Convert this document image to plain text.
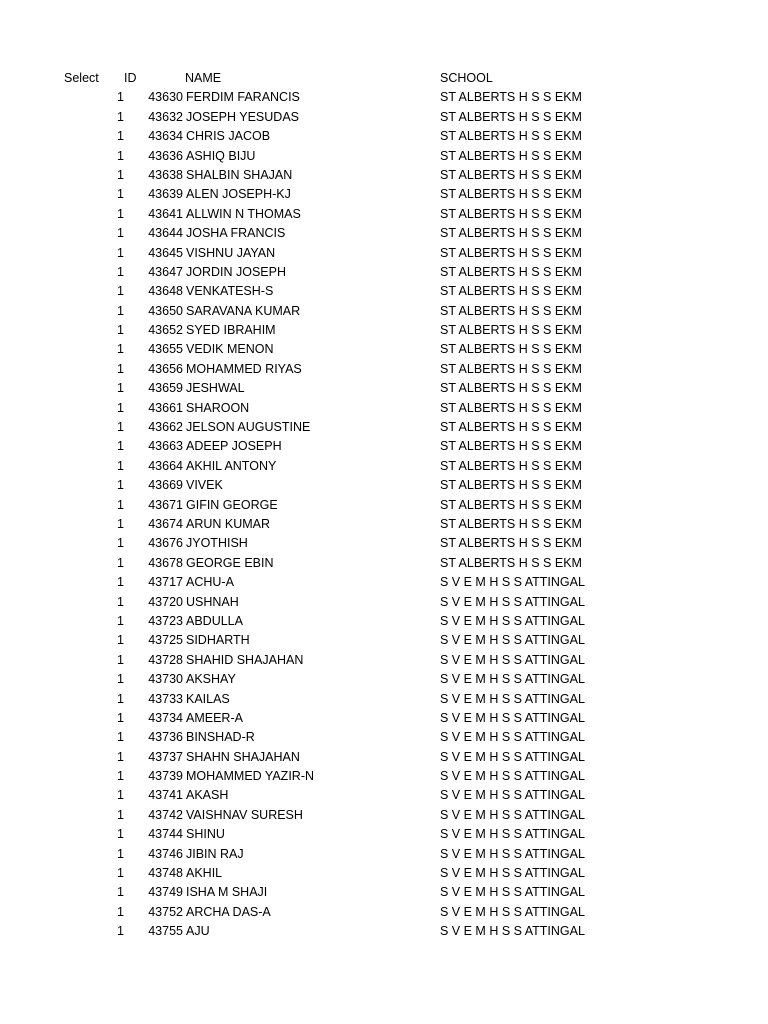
Select ID	NAME	SCHOOL
1	43630 FERDIM FARANCIS	ST ALBERTS H S S EKM
1	43632 JOSEPH YESUDAS	ST ALBERTS H S S EKM
1	43634 CHRIS JACOB	ST ALBERTS H S S EKM
1	43636 ASHIQ BIJU	ST ALBERTS H S S EKM
1	43638 SHALBIN SHAJAN	ST ALBERTS H S S EKM
1	43639 ALEN JOSEPH-KJ	ST ALBERTS H S S EKM
1	43641 ALLWIN N THOMAS	ST ALBERTS H S S EKM
1	43644 JOSHA FRANCIS	ST ALBERTS H S S EKM
1	43645 VISHNU JAYAN	ST ALBERTS H S S EKM
1	43647 JORDIN JOSEPH	ST ALBERTS H S S EKM
1	43648 VENKATESH-S	ST ALBERTS H S S EKM
1	43650 SARAVANA KUMAR	ST ALBERTS H S S EKM
1	43652 SYED IBRAHIM	ST ALBERTS H S S EKM
1	43655 VEDIK MENON	ST ALBERTS H S S EKM
1	43656 MOHAMMED RIYAS	ST ALBERTS H S S EKM
1	43659 JESHWAL	ST ALBERTS H S S EKM
1	43661 SHAROON	ST ALBERTS H S S EKM
1	43662 JELSON AUGUSTINE	ST ALBERTS H S S EKM
1	43663 ADEEP JOSEPH	ST ALBERTS H S S EKM
1	43664 AKHIL ANTONY	ST ALBERTS H S S EKM
1	43669 VIVEK	ST ALBERTS H S S EKM
1	43671 GIFIN GEORGE	ST ALBERTS H S S EKM
1	43674 ARUN KUMAR	ST ALBERTS H S S EKM
1	43676 JYOTHISH	ST ALBERTS H S S EKM
1	43678 GEORGE EBIN	ST ALBERTS H S S EKM
1	43717 ACHU-A	S V E M H S S ATTINGAL
1	43720 USHNAH	S V E M H S S ATTINGAL
1	43723 ABDULLA	S V E M H S S ATTINGAL
1	43725 SIDHARTH	S V E M H S S ATTINGAL
1	43728 SHAHID SHAJAHAN	S V E M H S S ATTINGAL
1	43730 AKSHAY	S V E M H S S ATTINGAL
1	43733 KAILAS	S V E M H S S ATTINGAL
1	43734 AMEER-A	S V E M H S S ATTINGAL
1	43736 BINSHAD-R	S V E M H S S ATTINGAL
1	43737 SHAHN SHAJAHAN	S V E M H S S ATTINGAL
1	43739 MOHAMMED YAZIR-N	S V E M H S S ATTINGAL
1	43741 AKASH	S V E M H S S ATTINGAL
1	43742 VAISHNAV SURESH	S V E M H S S ATTINGAL
1	43744 SHINU	S V E M H S S ATTINGAL
1	43746 JIBIN RAJ	S V E M H S S ATTINGAL
1	43748 AKHIL	S V E M H S S ATTINGAL
1	43749 ISHA M SHAJI	S V E M H S S ATTINGAL
1	43752 ARCHA DAS-A	S V E M H S S ATTINGAL
1	43755 AJU	S V E M H S S ATTINGAL
